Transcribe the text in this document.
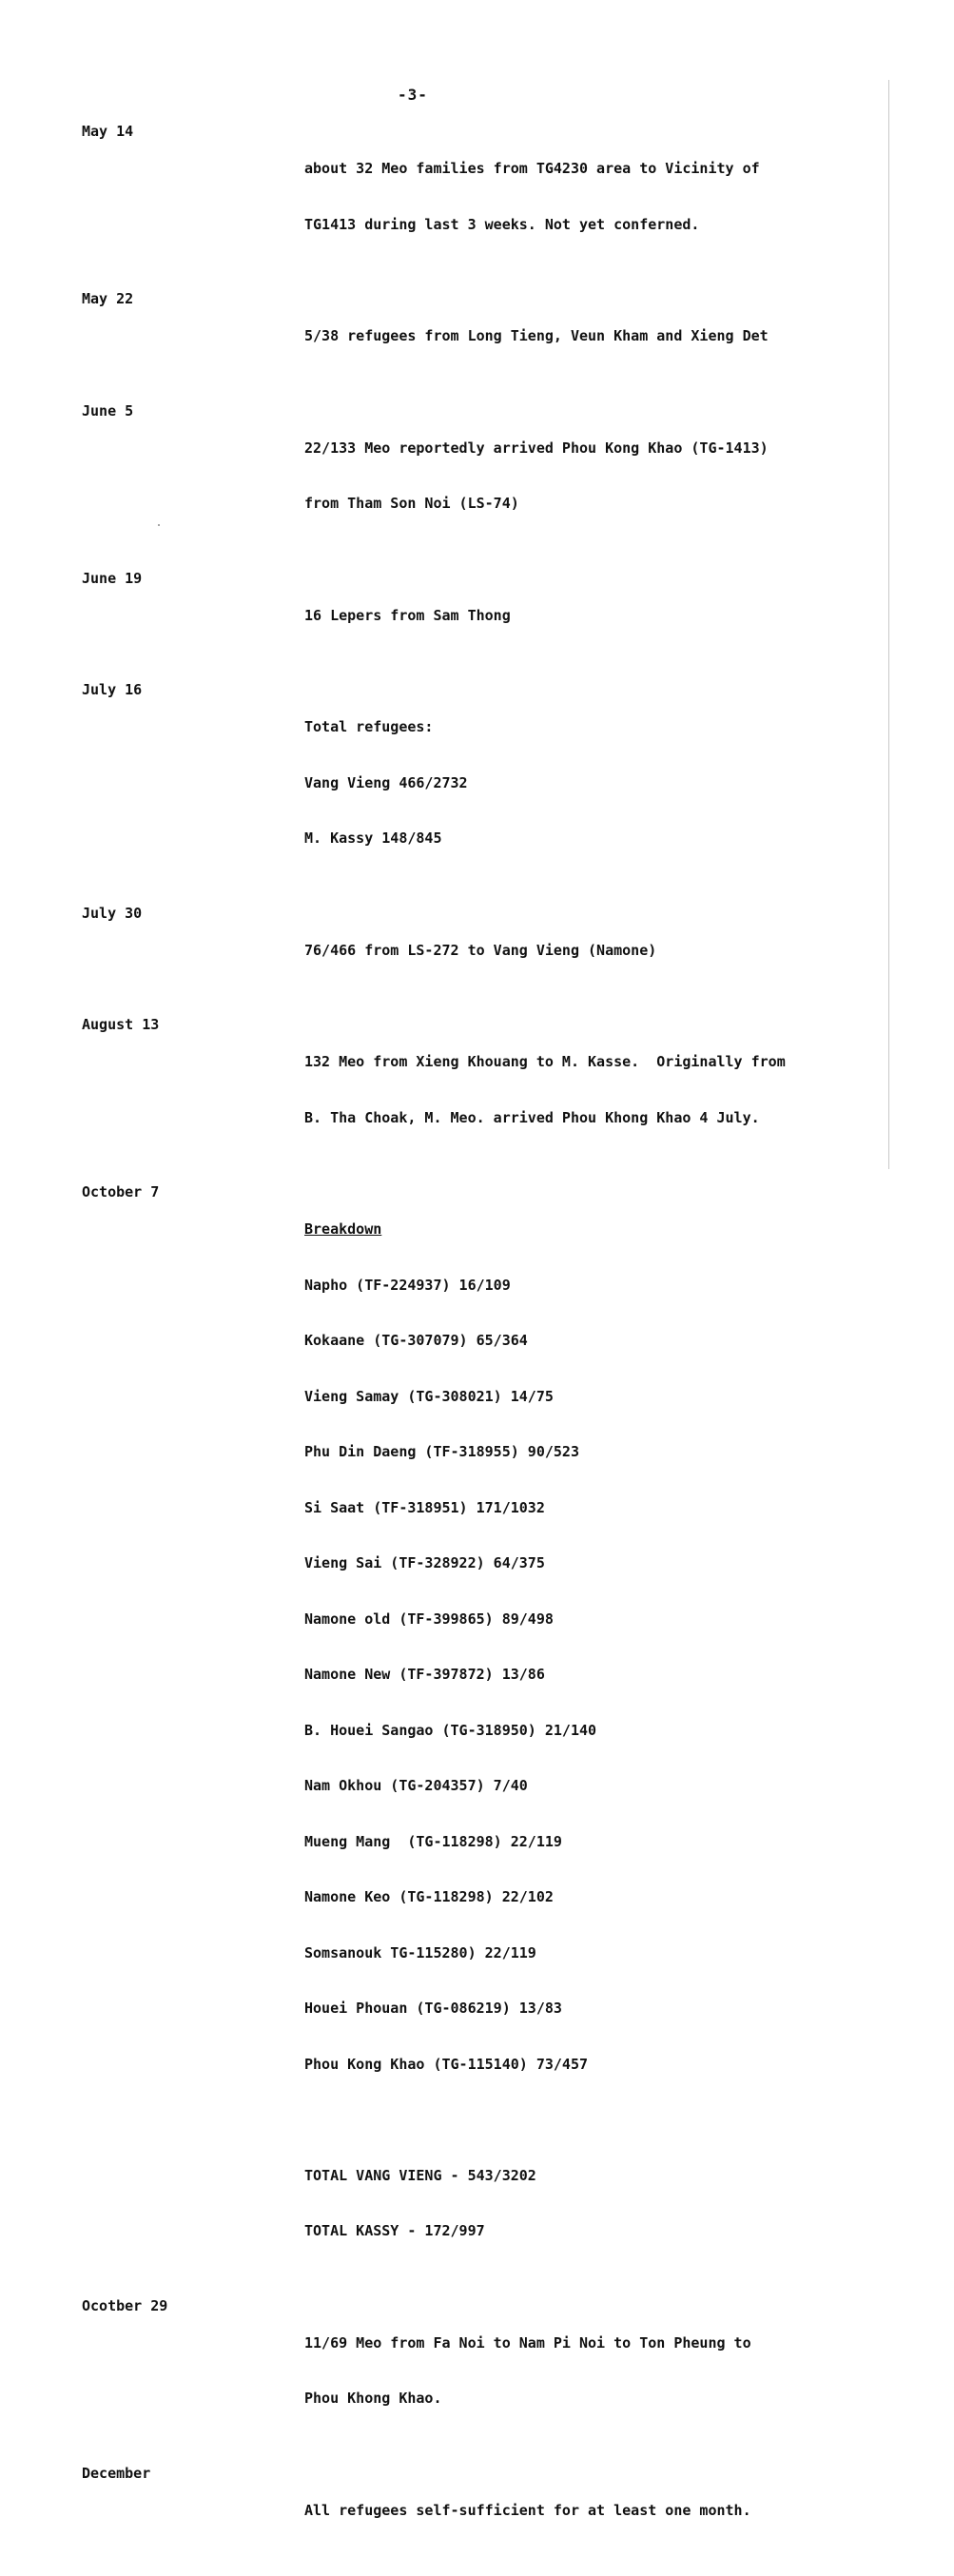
-3-
May 14

about 32 Meo families from TG4230 area to Vicinity of

TG1413 during last 3 weeks. Not yet conferned.

May 22

5/38 refugees from Long Tieng, Veun Kham and Xieng Det

June 5

22/133 Meo reportedly arrived Phou Kong Khao (TG-1413)

from Tham Son Noi (LS-74)

June 19

16 Lepers from Sam Thong

July 16

Total refugees:

Vang Vieng 466/2732

M. Kassy 148/845

July 30

76/466 from LS-272 to Vang Vieng (Namone)

August 13

132 Meo from Xieng Khouang to M. Kasse.  Originally from

B. Tha Choak, M. Meo. arrived Phou Khong Khao 4 July.

October 7

Breakdown

Napho (TF-224937) 16/109

Kokaane (TG-307079) 65/364

Vieng Samay (TG-308021) 14/75

Phu Din Daeng (TF-318955) 90/523

Si Saat (TF-318951) 171/1032

Vieng Sai (TF-328922) 64/375

Namone old (TF-399865) 89/498

Namone New (TF-397872) 13/86

B. Houei Sangao (TG-318950) 21/140

Nam Okhou (TG-204357) 7/40

Mueng Mang  (TG-118298) 22/119

Namone Keo (TG-118298) 22/102

Somsanouk TG-115280) 22/119

Houei Phouan (TG-086219) 13/83

Phou Kong Khao (TG-115140) 73/457

TOTAL VANG VIENG - 543/3202

TOTAL KASSY - 172/997

Ocotber 29

11/69 Meo from Fa Noi to Nam Pi Noi to Ton Pheung to

Phou Khong Khao.

December

All refugees self-sufficient for at least one month.
